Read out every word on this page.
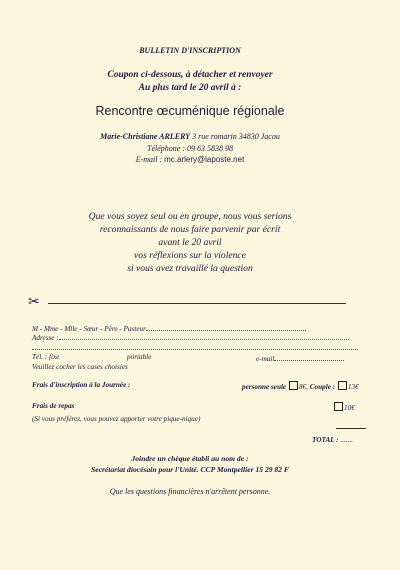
BULLETIN D'INSCRIPTION
Coupon ci-dessous, à détacher et renvoyer
Au plus tard le 20 avril à :
Rencontre œcuménique régionale
Marie-Christiane ARLERY 3 rue romarin 34830 Jacou
Téléphone : 09 63 5838 98
E-mail : mc.arlery@laposte.net
Que vous soyez seul ou en groupe, nous vous serions
reconnaissants de nous faire parvenir par écrit
avant le 20 avril
vos réflexions sur la violence
si vous avez travaillé la question
✂
M - Mme - Mlle - Sœur - Père - Pasteur
Adresse :
Tél. : fixe	portable	e-mail
Veuillez cocher les cases choisies
Frais d'inscription à la Journée :	personne seule 8€, Couple : 13€
Frais de repas	10€
(Si vous préférez, vous pouvez apporter votre pique-nique)
TOTAL : .......
Joindre un chèque établi au nom de :
Secrétariat diocésain pour l'Unité. CCP Montpellier 15 29 82 F
Que les questions financières n'arrêtent personne.
